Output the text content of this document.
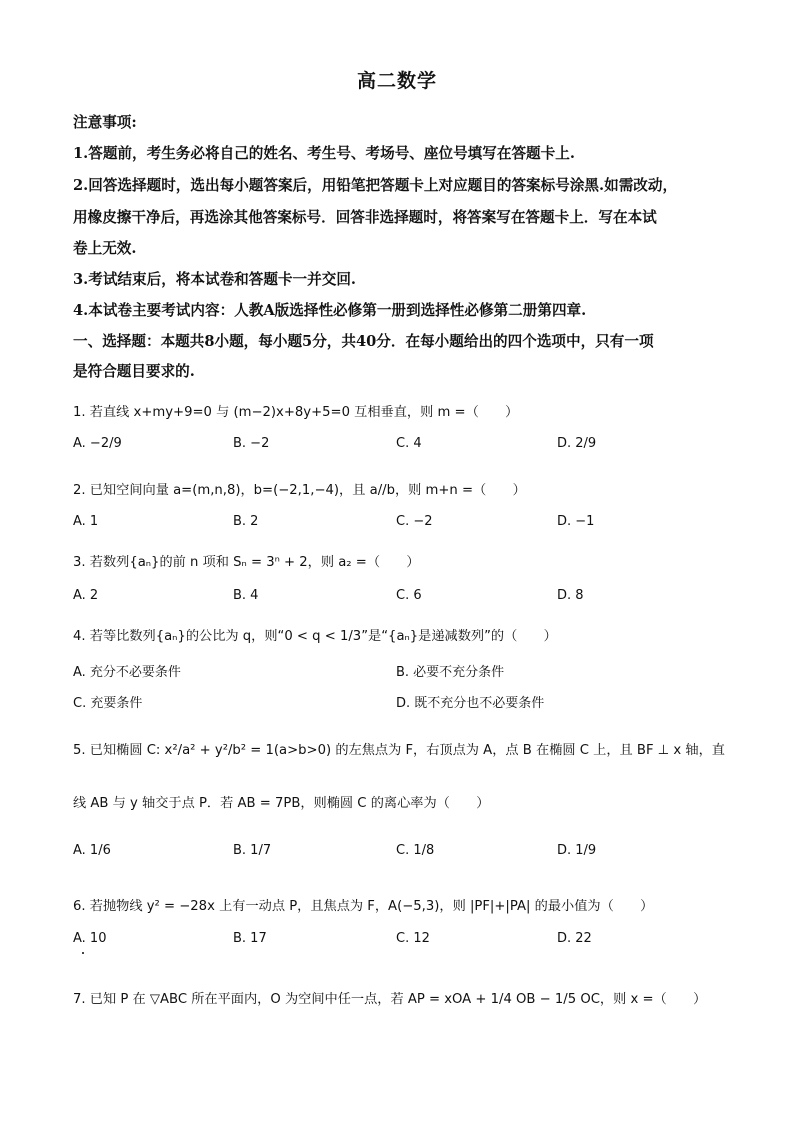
高二数学
注意事项:
1.答题前，考生务必将自己的姓名、考生号、考场号、座位号填写在答题卡上.
2.回答选择题时，选出每小题答案后，用铅笔把答题卡上对应题目的答案标号涂黑.如需改动，
用橡皮擦干净后，再选涂其他答案标号．回答非选择题时，将答案写在答题卡上．写在本试
卷上无效.
3.考试结束后，将本试卷和答题卡一并交回.
4.本试卷主要考试内容：人教A版选择性必修第一册到选择性必修第二册第四章.
一、选择题：本题共8小题，每小题5分，共40分．在每小题给出的四个选项中，只有一项
是符合题目要求的.
1. 若直线 x+my+9=0 与 (m−2)x+8y+5=0 互相垂直，则 m =（　　）
A. −2/9	B. −2	C. 4	D. 2/9
2. 已知空间向量 a=(m,n,8)，b=(−2,1,−4)，且 a//b，则 m+n =（　　）
A. 1	B. 2	C. −2	D. −1
3. 若数列{aₙ}的前 n 项和 Sₙ = 3ⁿ + 2，则 a₂ =（　　）
A. 2	B. 4	C. 6	D. 8
4. 若等比数列{aₙ}的公比为 q，则“0 < q < 1/3”是“{aₙ}是递减数列”的（　　）
A. 充分不必要条件	B. 必要不充分条件
C. 充要条件	D. 既不充分也不必要条件
5. 已知椭圆 C: x²/a² + y²/b² = 1(a>b>0) 的左焦点为 F，右顶点为 A，点 B 在椭圆 C 上，且 BF ⊥ x 轴，直
线 AB 与 y 轴交于点 P．若 AB = 7PB，则椭圆 C 的离心率为（　　）
A. 1/6	B. 1/7	C. 1/8	D. 1/9
6. 若抛物线 y² = −28x 上有一动点 P，且焦点为 F，A(−5,3)，则 |PF|+|PA| 的最小值为（　　）
A. 10	B. 17	C. 12	D. 22
7. 已知 P 在 ▽ABC 所在平面内，O 为空间中任一点，若 AP = xOA + 1/4 OB − 1/5 OC，则 x =（　　）
